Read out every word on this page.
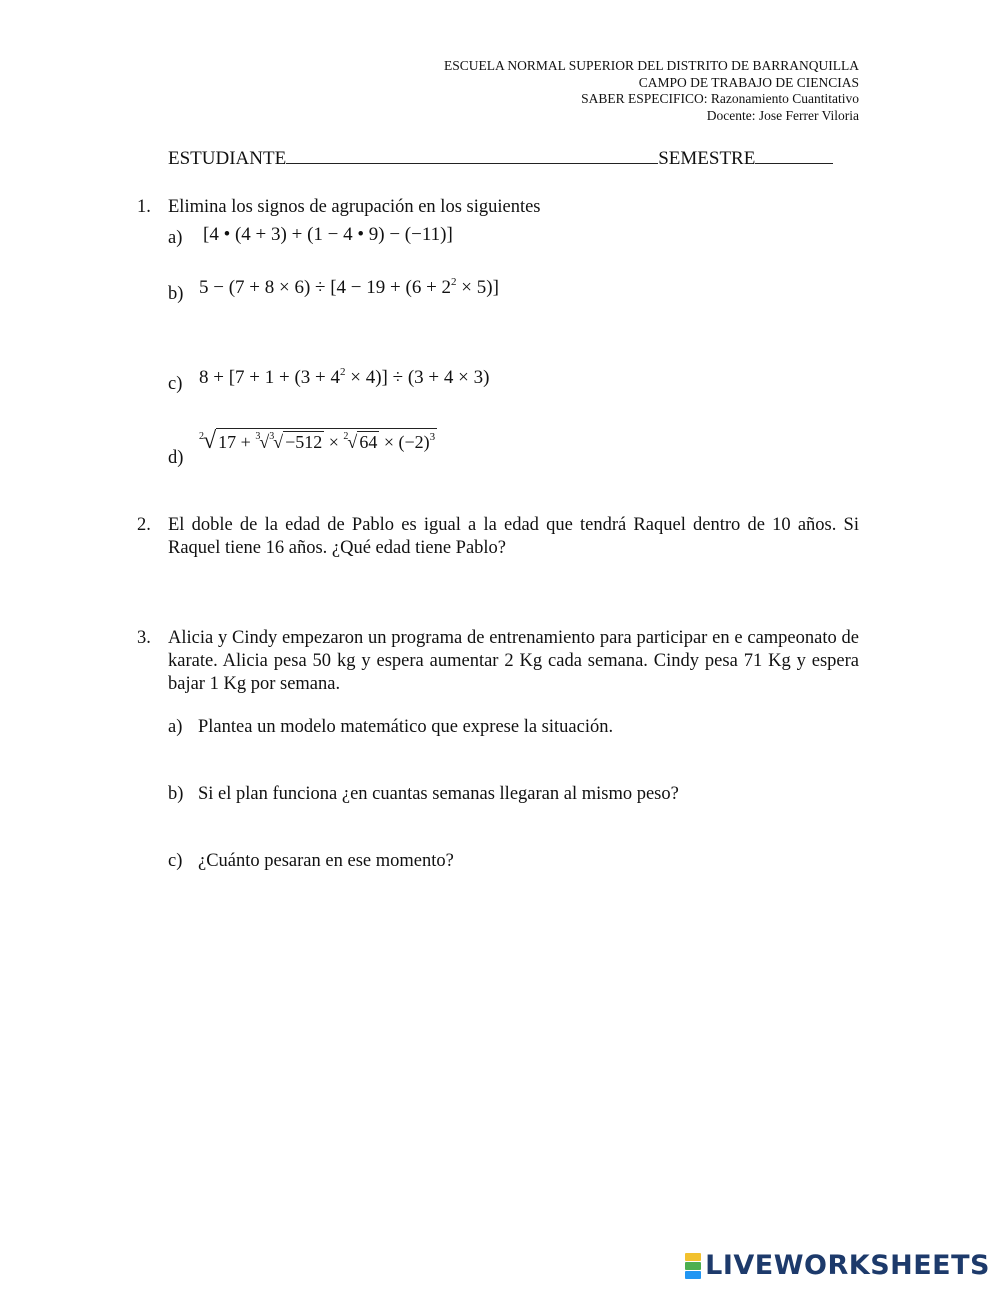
ESCUELA NORMAL SUPERIOR DEL DISTRITO DE BARRANQUILLA
CAMPO DE TRABAJO DE CIENCIAS
SABER ESPECIFICO: Razonamiento Cuantitativo
Docente: Jose Ferrer Viloria
ESTUDIANTE	SEMESTRE
1. Elimina los signos de agrupación en los siguientes
a) [4 • (4 + 3) + (1 − 4 • 9) − (−11)]
b) $5 - (7 + 8 \times 6) \div [4 - 19 + (6 + 2^2 \times 5)]$
c) $8 + [7 + 1 + (3 + 4^2 \times 4)] \div (3 + 4 \times 3)$
d)
$^2$√ 17 + $^3$√$^3$√ −512 × $^2$√ $64 \times (-2)^3$
2. El doble de la edad de Pablo es igual a la edad que tendrá Raquel dentro de 10 años. Si Raquel tiene 16 años. ¿Qué edad tiene Pablo?
3. Alicia y Cindy empezaron un programa de entrenamiento para participar en e campeonato de karate. Alicia pesa 50 kg y espera aumentar 2 Kg cada semana. Cindy pesa 71 Kg y espera bajar 1 Kg por semana.
a) Plantea un modelo matemático que exprese la situación.
b) Si el plan funciona ¿en cuantas semanas llegaran al mismo peso?
c) ¿Cuánto pesaran en ese momento?
LIVEWORKSHEETS
